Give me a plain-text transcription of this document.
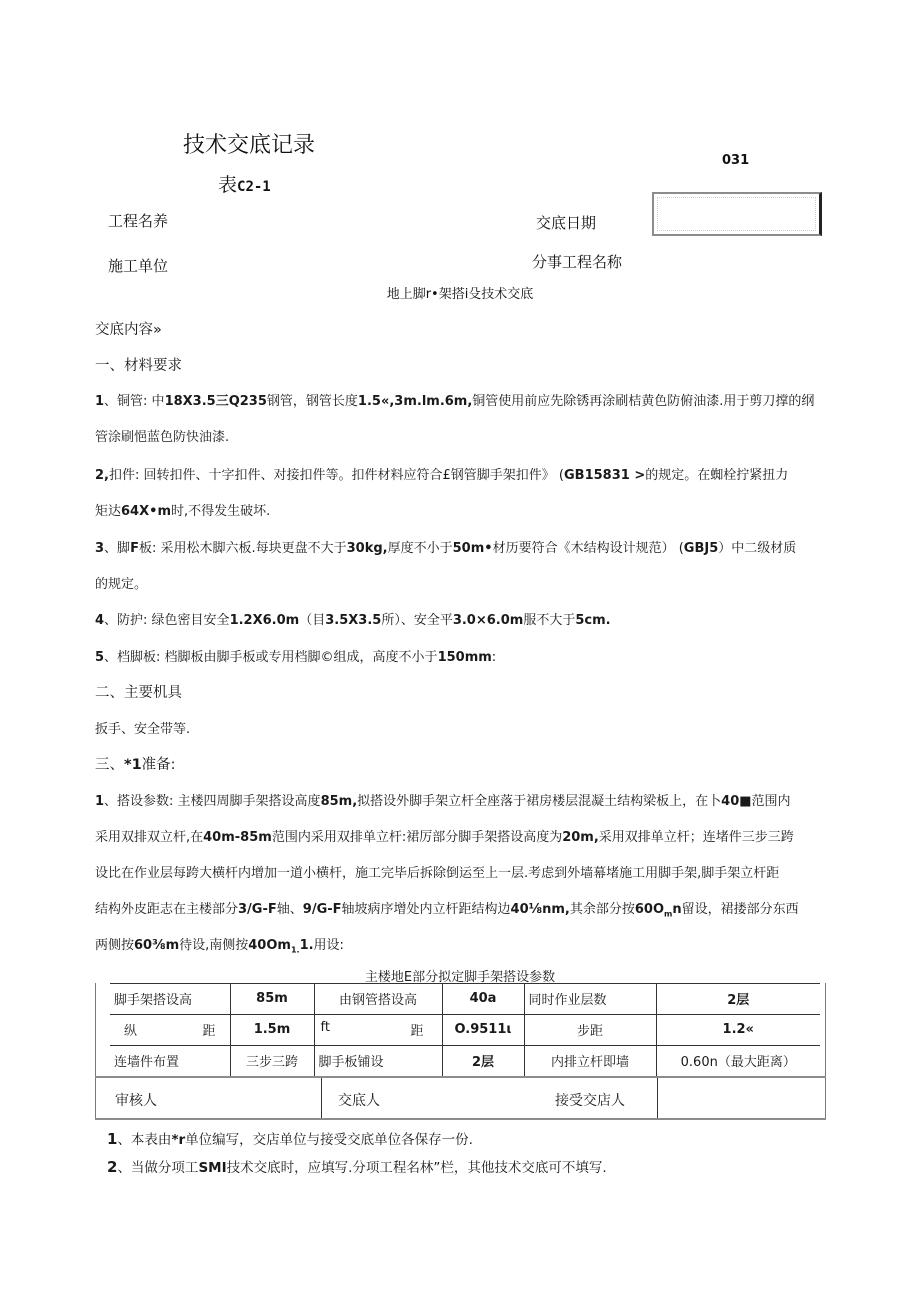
技术交底记录
表C2-1
031
工程名养	交底日期
施工单位	分事工程名称
地上脚r•架搭i殳技术交底
交底内容»
一、材料要求
1、铜管: 中18X3.5三Q235钢管，钢管长度1.5«,3m.lm.6m,铜管使用前应先除锈再涂刷桔黄色防俯油漆.用于剪刀撑的纲
管涂刷悒蓝色防快油漆.
2,扣件: 回转扣件、十字扣件、对接扣件等。扣件材料应符合£钢管脚手架扣件》 (GB15831 >的规定。在蜘栓拧紧扭力
矩达64X•m时,不得发生破坏.
3、脚F板: 采用松木脚六板.每块更盘不大于30kg,厚度不小于50m•材历要符合《木结构设计规范） (GBJ5）中二级材质
的规定。
4、防护: 绿色密目安全1.2X6.0m（目3.5X3.5所）、安全平3.0×6.0m服不大于5cm.
5、档脚板: 档脚板由脚手板或专用档脚©组成，高度不小于150mm:
二、主要机具
扳手、安全带等.
三、*1准备:
1、搭设参数: 主楼四周脚手架搭设高度85m,拟搭设外脚手架立杆全座落于裙房楼层混凝土结构梁板上，在卜40■范围内
采用双排双立杆,在40m-85m范围内采用双排单立杆:裙厉部分脚手架搭设高度为20m,采用双排单立杆；连堵件三步三跨
设比在作业层每跨大横杆内增加一道小横杆，施工完毕后拆除倒运至上一层.考虑到外墙幕堵施工用脚手架,脚手架立杆距
结构外皮距志在主楼部分3/G-F轴、9/G-F轴坡病序增处内立杆距结构边40⅛nm,其余部分按$60O_mn$留设，裙搂部分东西
两侧按60⅜m待设,南侧按$40Om_{1.}1$.用设:
主楼地E部分拟定脚手架搭设参数
脚手架搭设高	85m	由钢管搭设高	40a	同时作业层数	2层

纵 距	1.5m	ft 距	O.9511ι	步距	1.2«
连墙件布置	三步三跨	脚手板铺设	2层	内排立杆即墙	0.60n（最大距离）
审核人	交底人	接受交店人
1、本表由*r单位编写，交店单位与接受交底单位各保存一份.
2、当做分项工SMI技术交底时，应填写.分项工程名林”栏，其他技术交底可不填写.
